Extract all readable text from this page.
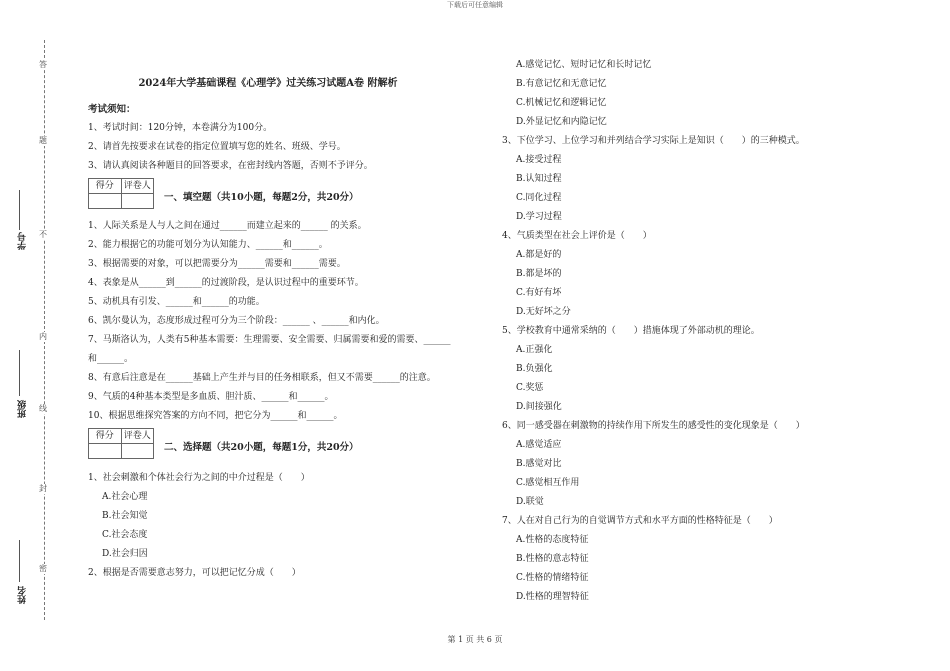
下载后可任意编辑
答
题
不
内
线
封
密
学号
班级
姓名
2024年大学基础课程《心理学》过关练习试题A卷 附解析
考试须知：
1、考试时间：120分钟，本卷满分为100分。
2、请首先按要求在试卷的指定位置填写您的姓名、班级、学号。
3、请认真阅读各种题目的回答要求，在密封线内答题，否则不予评分。
得分	评卷人
一、填空题（共10小题，每题2分，共20分）
1、人际关系是人与人之间在通过______而建立起来的______ 的关系。
2、能力根据它的功能可划分为认知能力、______和______。
3、根据需要的对象，可以把需要分为______需要和______需要。
4、表象是从______到______的过渡阶段，是认识过程中的重要环节。
5、动机具有引发、______和______的功能。
6、凯尔曼认为，态度形成过程可分为三个阶段：______ 、______和内化。
7、马斯洛认为，人类有5种基本需要：生理需要、安全需要、归属需要和爱的需要、______
和______。
8、有意后注意是在______基础上产生并与目的任务相联系，但又不需要______的注意。
9、气质的4种基本类型是多血质、胆汁质、______和______。
10、根据思维探究答案的方向不同，把它分为______和______。
得分	评卷人
二、选择题（共20小题，每题1分，共20分）
1、社会刺激和个体社会行为之间的中介过程是（　　）
A.社会心理
B.社会知觉
C.社会态度
D.社会归因
2、根据是否需要意志努力，可以把记忆分成（　　）
A.感觉记忆、短时记忆和长时记忆
B.有意记忆和无意记忆
C.机械记忆和逻辑记忆
D.外显记忆和内隐记忆
3、下位学习、上位学习和并列结合学习实际上是知识（　　）的三种模式。
A.接受过程
B.认知过程
C.同化过程
D.学习过程
4、气质类型在社会上评价是（　　）
A.都是好的
B.都是坏的
C.有好有坏
D.无好坏之分
5、学校教育中通常采纳的（　　）措施体现了外部动机的理论。
A.正强化
B.负强化
C.奖惩
D.间接强化
6、同一感受器在刺激物的持续作用下所发生的感受性的变化现象是（　　）
A.感觉适应
B.感觉对比
C.感觉相互作用
D.联觉
7、人在对自己行为的自觉调节方式和水平方面的性格特征是（　　）
A.性格的态度特征
B.性格的意志特征
C.性格的情绪特征
D.性格的理智特征
第 1 页 共 6 页
